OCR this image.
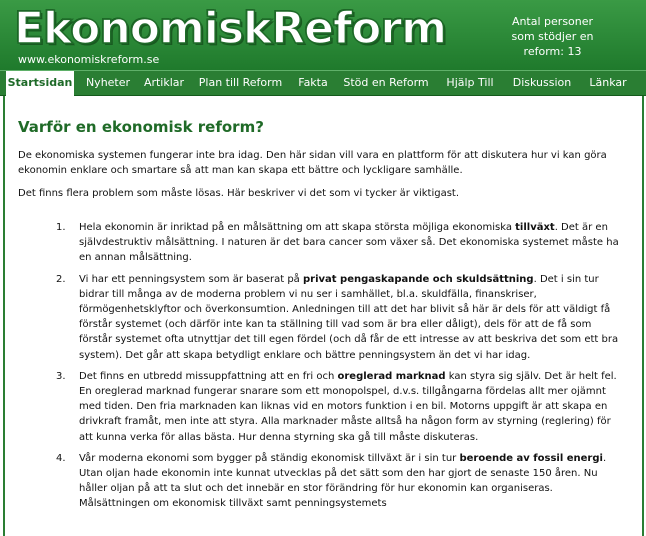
EkonomiskReform
www.ekonomiskreform.se
Antal personer
som stödjer en
reform: 13
Startsidan	Nyheter	Artiklar	Plan till Reform	Fakta	Stöd en Reform	Hjälp Till	Diskussion	Länkar
Varför en ekonomisk reform?

De ekonomiska systemen fungerar inte bra idag. Den här sidan vill vara en plattform för att diskutera hur vi kan göra ekonomin enklare och smartare så att man kan skapa ett bättre och lyckligare samhälle.

Det finns flera problem som måste lösas. Här beskriver vi det som vi tycker är viktigast.

1. Hela ekonomin är inriktad på en målsättning om att skapa största möjliga ekonomiska tillväxt. Det är en självdestruktiv målsättning. I naturen är det bara cancer som växer så. Det ekonomiska systemet måste ha en annan målsättning.
2. Vi har ett penningsystem som är baserat på privat pengaskapande och skuldsättning. Det i sin tur bidrar till många av de moderna problem vi nu ser i samhället, bl.a. skuldfälla, finanskriser, förmögenhetsklyftor och överkonsumtion. Anledningen till att det har blivit så här är dels för att väldigt få förstår systemet (och därför inte kan ta ställning till vad som är bra eller dåligt), dels för att de få som förstår systemet ofta utnyttjar det till egen fördel (och då får de ett intresse av att beskriva det som ett bra system). Det går att skapa betydligt enklare och bättre penningsystem än det vi har idag.
3. Det finns en utbredd missuppfattning att en fri och oreglerad marknad kan styra sig själv. Det är helt fel. En oreglerad marknad fungerar snarare som ett monopolspel, d.v.s. tillgångarna fördelas allt mer ojämnt med tiden. Den fria marknaden kan liknas vid en motors funktion i en bil. Motorns uppgift är att skapa en drivkraft framåt, men inte att styra. Alla marknader måste alltså ha någon form av styrning (reglering) för att kunna verka för allas bästa. Hur denna styrning ska gå till måste diskuteras.
4. Vår moderna ekonomi som bygger på ständig ekonomisk tillväxt är i sin tur beroende av fossil energi. Utan oljan hade ekonomin inte kunnat utvecklas på det sätt som den har gjort de senaste 150 åren. Nu håller oljan på att ta slut och det innebär en stor förändring för hur ekonomin kan organiseras. Målsättningen om ekonomisk tillväxt samt penningsystemets
